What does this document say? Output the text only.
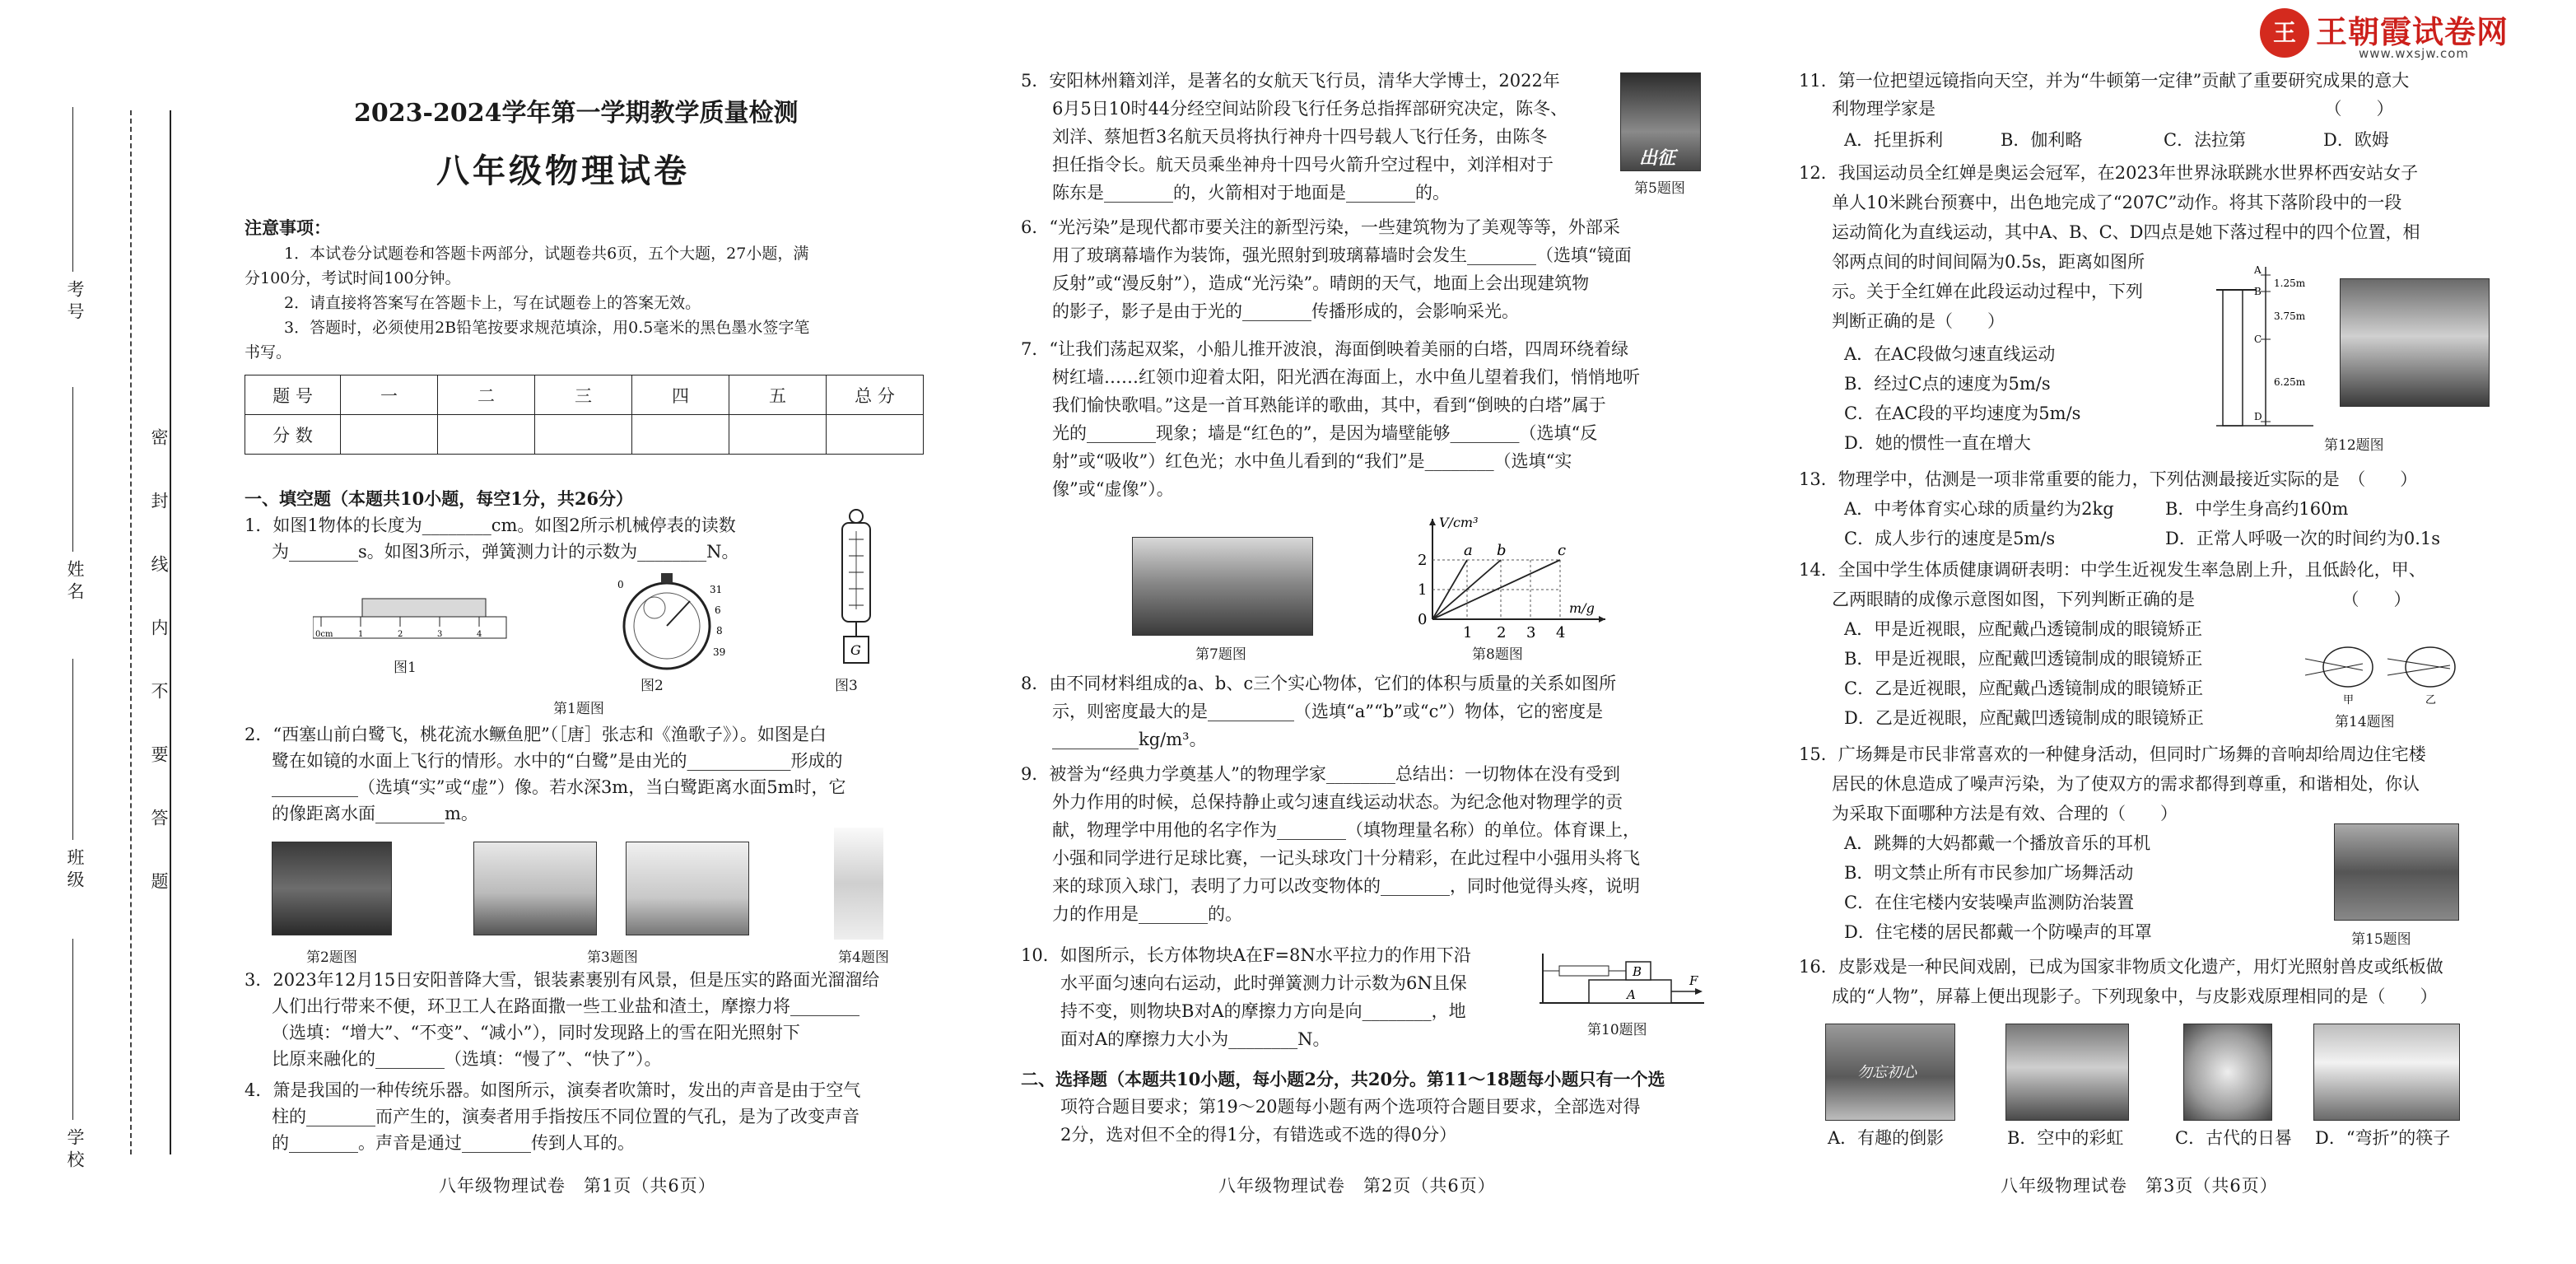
王 王朝霞试卷网
www.wxsjw.com
考号
姓名
班级
学校
密封线内不要答题
2023-2024学年第一学期教学质量检测
八年级物理试卷
注意事项：
1．本试卷分试题卷和答题卡两部分，试题卷共6页，五个大题，27小题，满
分100分，考试时间100分钟。
2．请直接将答案写在答题卡上，写在试题卷上的答案无效。
3．答题时，必须使用2B铅笔按要求规范填涂，用0.5毫米的黑色墨水签字笔
书写。
题 号	一	二	三	四	五	总 分
分 数						
一、填空题（本题共10小题，每空1分，共26分）
1．如图1物体的长度为________cm。如图2所示机械停表的读数
为________s。如图3所示，弹簧测力计的示数为________N。
0cm	1	2	3	4
图1
0	31
6
8
39
图2
G
图3
第1题图
2．“西塞山前白鹭飞，桃花流水鳜鱼肥”（［唐］张志和《渔歌子》）。如图是白
鹭在如镜的水面上飞行的情形。水中的“白鹭”是由光的____________形成的
__________（选填“实”或“虚”）像。若水深3m，当白鹭距离水面5m时，它
的像距离水面________m。
第2题图	第3题图	第4题图
3．2023年12月15日安阳普降大雪，银装素裹别有风景，但是压实的路面光溜溜给
人们出行带来不便，环卫工人在路面撒一些工业盐和渣土，摩擦力将________
（选填：“增大”、“不变”、“减小”），同时发现路上的雪在阳光照射下
比原来融化的________（选填：“慢了”、“快了”）。
4．箫是我国的一种传统乐器。如图所示，演奏者吹箫时，发出的声音是由于空气
柱的________而产生的，演奏者用手指按压不同位置的气孔，是为了改变声音
的________。声音是通过________传到人耳的。
八年级物理试卷　第1页（共6页）
5．安阳林州籍刘洋，是著名的女航天飞行员，清华大学博士，2022年
6月5日10时44分经空间站阶段飞行任务总指挥部研究决定，陈冬、
刘洋、蔡旭哲3名航天员将执行神舟十四号载人飞行任务，由陈冬
担任指令长。航天员乘坐神舟十四号火箭升空过程中，刘洋相对于
陈东是________的，火箭相对于地面是________的。
出征
第5题图
6．“光污染”是现代都市要关注的新型污染，一些建筑物为了美观等等，外部采
用了玻璃幕墙作为装饰，强光照射到玻璃幕墙时会发生________（选填“镜面
反射”或“漫反射”），造成“光污染”。晴朗的天气，地面上会出现建筑物
的影子，影子是由于光的________传播形成的，会影响采光。
7．“让我们荡起双桨，小船儿推开波浪，海面倒映着美丽的白塔，四周环绕着绿
树红墙……红领巾迎着太阳，阳光洒在海面上，水中鱼儿望着我们，悄悄地听
我们愉快歌唱。”这是一首耳熟能详的歌曲，其中，看到“倒映的白塔”属于
光的________现象；墙是“红色的”，是因为墙壁能够________（选填“反
射”或“吸收”）红色光；水中鱼儿看到的“我们”是________（选填“实
像”或“虚像”）。
第7题图
a b	c
V/cm³
m/g
0
1
2
1 2 3 4
第8题图
8．由不同材料组成的a、b、c三个实心物体，它们的体积与质量的关系如图所
示，则密度最大的是__________（选填“a”“b”或“c”）物体，它的密度是
__________kg/m³。
9．被誉为“经典力学奠基人”的物理学家________总结出：一切物体在没有受到
外力作用的时候，总保持静止或匀速直线运动状态。为纪念他对物理学的贡
献，物理学中用他的名字作为________（填物理量名称）的单位。体育课上，
小强和同学进行足球比赛，一记头球攻门十分精彩，在此过程中小强用头将飞
来的球顶入球门，表明了力可以改变物体的________，同时他觉得头疼，说明
力的作用是________的。
10．如图所示，长方体物块A在F=8N水平拉力的作用下沿
水平面匀速向右运动，此时弹簧测力计示数为6N且保
持不变，则物块B对A的摩擦力方向是向________，地
面对A的摩擦力大小为________N。
A
B
F
第10题图
二、选择题（本题共10小题，每小题2分，共20分。第11～18题每小题只有一个选
项符合题目要求；第19～20题每小题有两个选项符合题目要求，全部选对得
2分，选对但不全的得1分，有错选或不选的得0分）
八年级物理试卷　第2页（共6页）
11．第一位把望远镜指向天空，并为“牛顿第一定律”贡献了重要研究成果的意大
利物理学家是　　　　　　　　　　　　　　　　　　　　　　　（　　）
A．托里拆利	B．伽利略	C．法拉第	D．欧姆
12．我国运动员全红婵是奥运会冠军，在2023年世界泳联跳水世界杯西安站女子
单人10米跳台预赛中，出色地完成了“207C”动作。将其下落阶段中的一段
运动简化为直线运动，其中A、B、C、D四点是她下落过程中的四个位置，相
邻两点间的时间间隔为0.5s，距离如图所
示。关于全红婵在此段运动过程中，下列
判断正确的是（　　）
A．在AC段做匀速直线运动
B．经过C点的速度为5m/s
C．在AC段的平均速度为5m/s
D．她的惯性一直在增大
A
B
C
D
1.25m
3.75m
6.25m
第12题图
13．物理学中，估测是一项非常重要的能力，下列估测最接近实际的是　（　　）
A．中考体育实心球的质量约为2kg	B．中学生身高约160m
C．成人步行的速度是5m/s	D．正常人呼吸一次的时间约为0.1s
14．全国中学生体质健康调研表明：中学生近视发生率急剧上升，且低龄化，甲、
乙两眼睛的成像示意图如图，下列判断正确的是　　　　　　　　　（　　）
A．甲是近视眼，应配戴凸透镜制成的眼镜矫正
B．甲是近视眼，应配戴凹透镜制成的眼镜矫正
C．乙是近视眼，应配戴凸透镜制成的眼镜矫正
D．乙是近视眼，应配戴凹透镜制成的眼镜矫正
甲	乙
第14题图
15．广场舞是市民非常喜欢的一种健身活动，但同时广场舞的音响却给周边住宅楼
居民的休息造成了噪声污染，为了使双方的需求都得到尊重，和谐相处，你认
为采取下面哪种方法是有效、合理的（　　）
A．跳舞的大妈都戴一个播放音乐的耳机
B．明文禁止所有市民参加广场舞活动
C．在住宅楼内安装噪声监测防治装置
D．住宅楼的居民都戴一个防噪声的耳罩	第15题图
16．皮影戏是一种民间戏剧，已成为国家非物质文化遗产，用灯光照射兽皮或纸板做
成的“人物”，屏幕上便出现影子。下列现象中，与皮影戏原理相同的是（　　）
勿忘初心
A．有趣的倒影	B．空中的彩虹	C．古代的日晷 D．“弯折”的筷子
八年级物理试卷　第3页（共6页）
